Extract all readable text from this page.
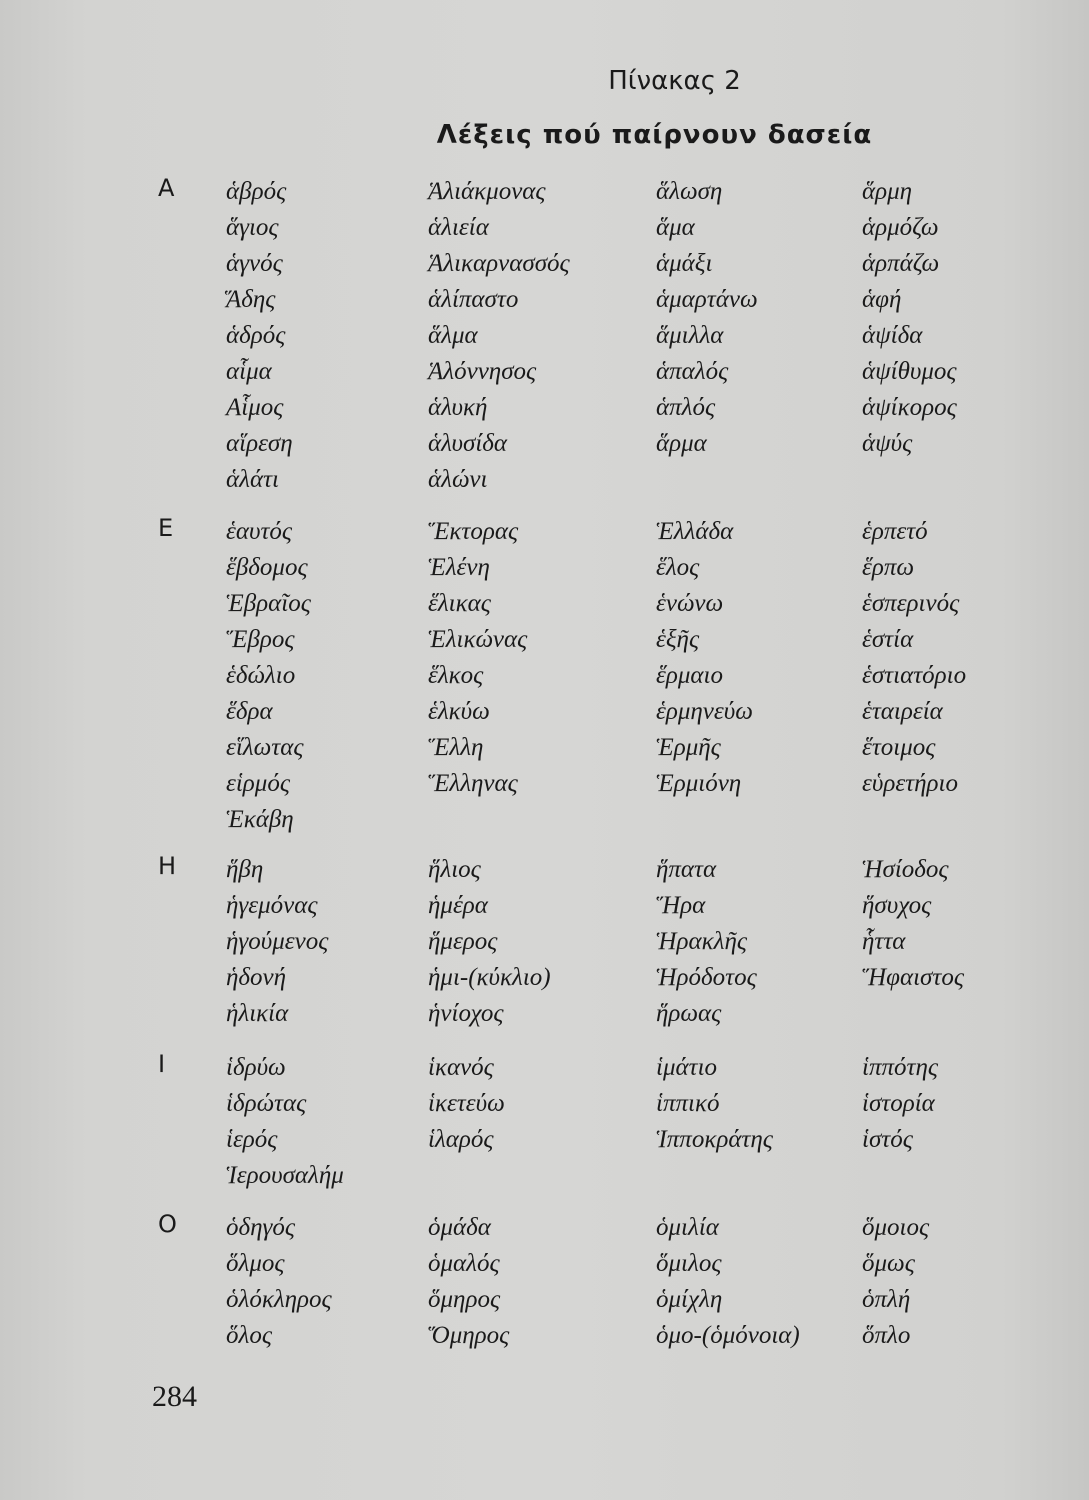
Πίνακας 2
Λέξεις πού παίρνουν δασεία
Α ἁβρός
ἅγιος
ἁγνός
Ἅδης
ἁδρός
αἷμα
Αἷμος
αἵρεση
ἁλάτι
Ἁλιάκμονας
ἁλιεία
Ἁλικαρνασσός
ἁλίπαστο
ἅλμα
Ἁλόννησος
ἁλυκή
ἁλυσίδα
ἁλώνι
ἅλωση
ἅμα
ἁμάξι
ἁμαρτάνω
ἅμιλλα
ἁπαλός
ἁπλός
ἅρμα
ἅρμη
ἁρμόζω
ἁρπάζω
ἁφή
ἁψίδα
ἁψίθυμος
ἁψίκορος
ἁψύς
Ε ἑαυτός
ἕβδομος
Ἑβραῖος
Ἕβρος
ἑδώλιο
ἕδρα
εἵλωτας
εἱρμός
Ἑκάβη
Ἕκτορας
Ἑλένη
ἕλικας
Ἑλικώνας
ἕλκος
ἑλκύω
Ἕλλη
Ἕλληνας
Ἑλλάδα
ἕλος
ἑνώνω
ἑξῆς
ἕρμαιο
ἑρμηνεύω
Ἑρμῆς
Ἑρμιόνη
ἑρπετό
ἕρπω
ἑσπερινός
ἑστία
ἑστιατόριο
ἑταιρεία
ἕτοιμος
εὑρετήριο
Η ἥβη
ἡγεμόνας
ἡγούμενος
ἡδονή
ἡλικία
ἥλιος
ἡμέρα
ἥμερος
ἡμι-(κύκλιο)
ἡνίοχος
ἥπατα
Ἥρα
Ἡρακλῆς
Ἡρόδοτος
ἥρωας
Ἡσίοδος
ἥσυχος
ἧττα
Ἥφαιστος
Ι ἱδρύω
ἱδρώτας
ἱερός
Ἱερουσαλήμ
ἱκανός
ἱκετεύω
ἱλαρός
ἱμάτιο
ἱππικό
Ἱπποκράτης
ἱππότης
ἱστορία
ἱστός
Ο ὁδηγός
ὅλμος
ὁλόκληρος
ὅλος
ὁμάδα
ὁμαλός
ὅμηρος
Ὅμηρος
ὁμιλία
ὅμιλος
ὁμίχλη
ὁμο-(ὁμόνοια)
ὅμοιος
ὅμως
ὁπλή
ὅπλο
284
